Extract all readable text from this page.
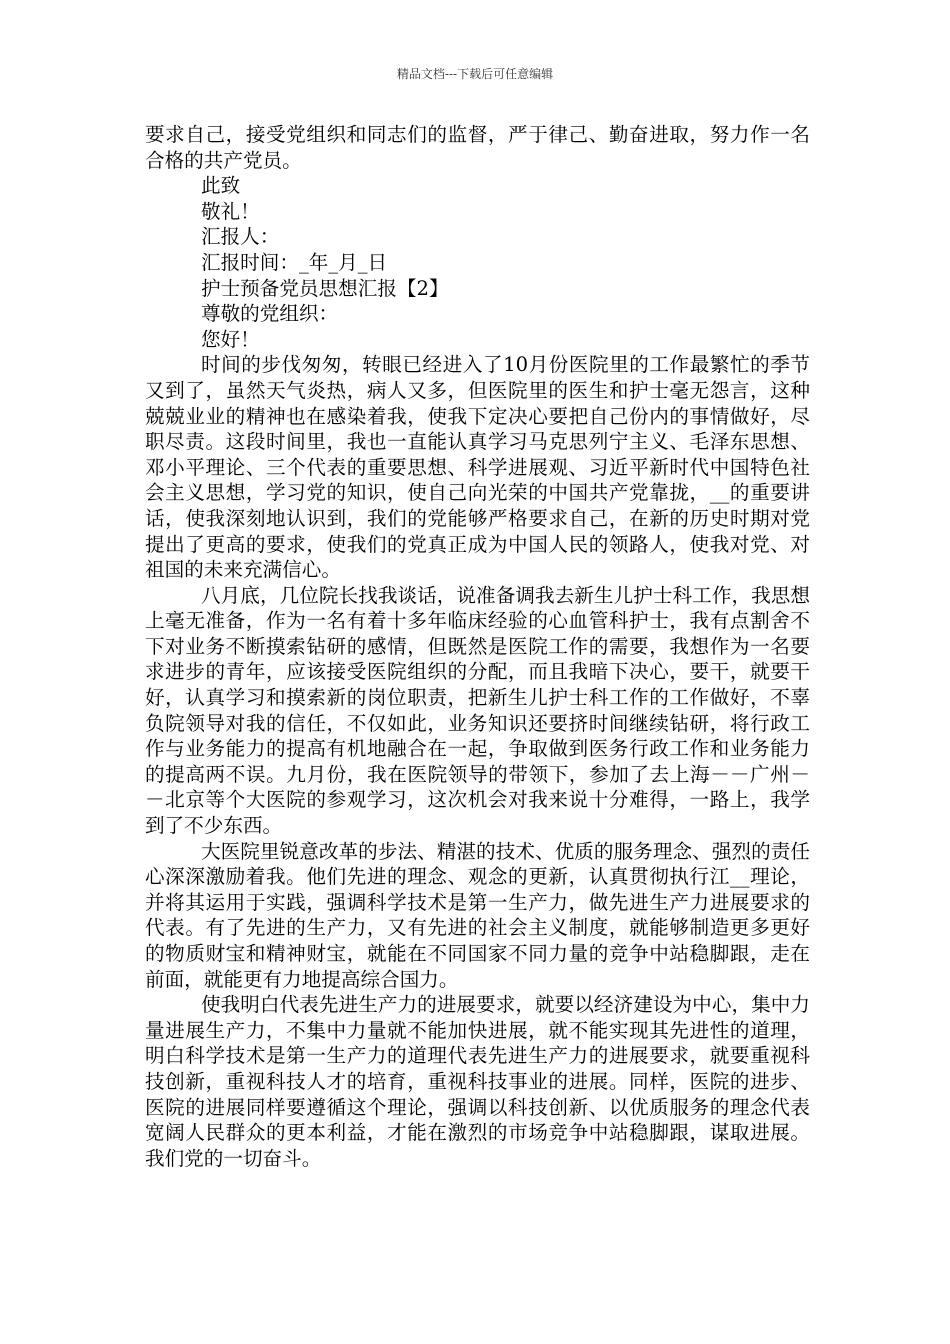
精品文档---下载后可任意编辑

要求自己，接受党组织和同志们的监督，严于律己、勤奋进取，努力作一名合格的共产党员。

此致

敬礼！

汇报人：

汇报时间：_年_月_日

护士预备党员思想汇报【2】

尊敬的党组织：

您好！

时间的步伐匆匆，转眼已经进入了10月份医院里的工作最繁忙的季节又到了，虽然天气炎热，病人又多，但医院里的医生和护士毫无怨言，这种兢兢业业的精神也在感染着我，使我下定决心要把自己份内的事情做好，尽职尽责。这段时间里，我也一直能认真学习马克思列宁主义、毛泽东思想、邓小平理论、三个代表的重要思想、科学进展观、习近平新时代中国特色社会主义思想，学习党的知识，使自己向光荣的中国共产党靠拢，__的重要讲话，使我深刻地认识到，我们的党能够严格要求自己，在新的历史时期对党提出了更高的要求，使我们的党真正成为中国人民的领路人，使我对党、对祖国的未来充满信心。

八月底，几位院长找我谈话，说准备调我去新生儿护士科工作，我思想上毫无准备，作为一名有着十多年临床经验的心血管科护士，我有点割舍不下对业务不断摸索钻研的感情，但既然是医院工作的需要，我想作为一名要求进步的青年，应该接受医院组织的分配，而且我暗下决心，要干，就要干好，认真学习和摸索新的岗位职责，把新生儿护士科工作的工作做好，不辜负院领导对我的信任，不仅如此，业务知识还要挤时间继续钻研，将行政工作与业务能力的提高有机地融合在一起，争取做到医务行政工作和业务能力的提高两不误。九月份，我在医院领导的带领下，参加了去上海－－广州－－北京等个大医院的参观学习，这次机会对我来说十分难得，一路上，我学到了不少东西。

大医院里锐意改革的步法、精湛的技术、优质的服务理念、强烈的责任心深深激励着我。他们先进的理念、观念的更新，认真贯彻执行江__理论，并将其运用于实践，强调科学技术是第一生产力，做先进生产力进展要求的代表。有了先进的生产力，又有先进的社会主义制度，就能够制造更多更好的物质财宝和精神财宝，就能在不同国家不同力量的竞争中站稳脚跟，走在前面，就能更有力地提高综合国力。

使我明白代表先进生产力的进展要求，就要以经济建设为中心，集中力量进展生产力，不集中力量就不能加快进展，就不能实现其先进性的道理，明白科学技术是第一生产力的道理代表先进生产力的进展要求，就要重视科技创新，重视科技人才的培育，重视科技事业的进展。同样，医院的进步、医院的进展同样要遵循这个理论，强调以科技创新、以优质服务的理念代表宽阔人民群众的更本利益，才能在激烈的市场竞争中站稳脚跟，谋取进展。我们党的一切奋斗。
